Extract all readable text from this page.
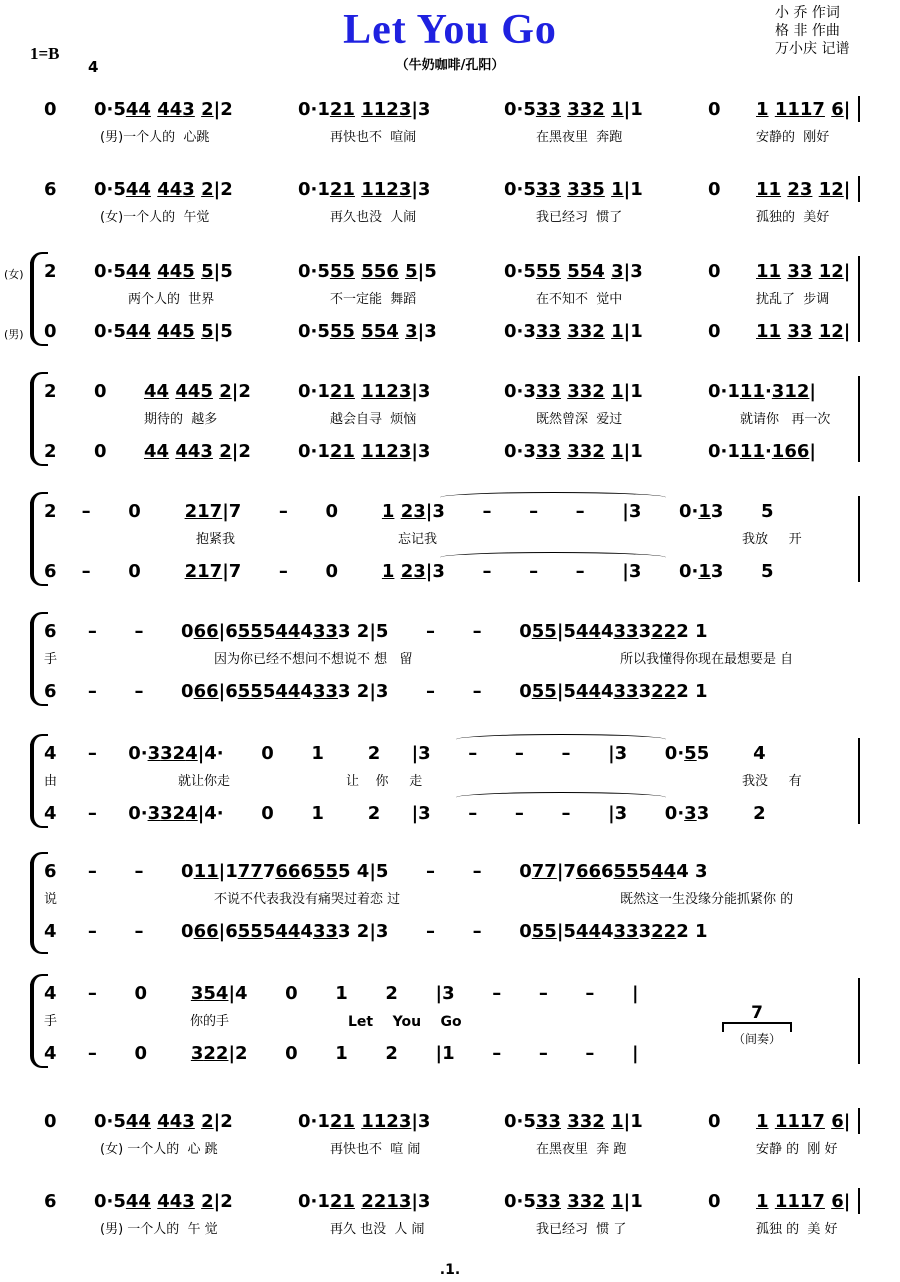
Let You Go
（牛奶咖啡/孔阳）
小 乔 作词
格 非 作曲
万小庆 记谱
1=B
4
0 0·544 443 2|2	0·121 1123|3	0·533 332 1|1	0 1 1117 6|
(男)一个人的  心跳	再快也不  喧闹	在黑夜里  奔跑	安静的  刚好
6 0·544 443 2|2	0·121 1123|3	0·533 335 1|1	0 11 23 12|
(女)一个人的  午觉	再久也没  人闹	我已经习  惯了	孤独的  美好
(女)
(男)
2 0·544 445 5|5	0·555 556 5|5	0·555 554 3|3	0 11 33 12|
两个人的  世界	不一定能  舞蹈	在不知不  觉中	扰乱了  步调
0 0·544 445 5|5	0·555 554 3|3	0·333 332 1|1	0 11 33 12|
2 0 44 445 2|2	0·121 1123|3	0·333 332 1|1	0·111·312|
期待的  越多	越会自寻  烦恼	既然曾深  爱过	就请你   再一次
2 0 44 443 2|2	0·121 1123|3	0·333 332 1|1	0·111·166|
2    –      0       217|7      –      0       1 23|3      –      –      –      |3      0·13      5
抱紧我	忘记我	我放     开
6    –      0       217|7      –      0       1 23|3      –      –      –      |3      0·13      5
6     –      –      066|6555444333 2|5      –      –      055|5444333222 1
手	因为你已经不想问不想说不 想   留	所以我懂得你现在最想要是 自
6     –      –      066|6555444333 2|3      –      –      055|5444333222 1
4     –     0·3324|4·      0      1       2     |3      –      –      –      |3      0·55       4
由	就让你走	让    你     走	我没     有
4     –     0·3324|4·      0      1       2     |3      –      –      –      |3      0·33       2
6     –      –      011|1777666555 4|5      –      –      077|7666555444 3
说	不说不代表我没有痛哭过着恋 过	既然这一生没缘分能抓紧你 的
4     –      –      066|6555444333 2|3      –      –      055|5444333222 1
4     –      0       354|4      0      1      2      |3      –      –      –      |
手	你的手	Let    You    Go
4     –      0       322|2      0      1      2      |1      –      –      –      |
7
（间奏）
0 0·544 443 2|2	0·121 1123|3	0·533 332 1|1	0 1 1117 6|
(女) 一个人的  心 跳	再快也不  喧 闹	在黑夜里  奔 跑	安静 的  刚 好
6 0·544 443 2|2	0·121 2213|3	0·533 332 1|1	0 1 1117 6|
(男) 一个人的  午 觉	再久 也没  人 闹	我已经习  惯 了	孤独 的  美 好
.1.
